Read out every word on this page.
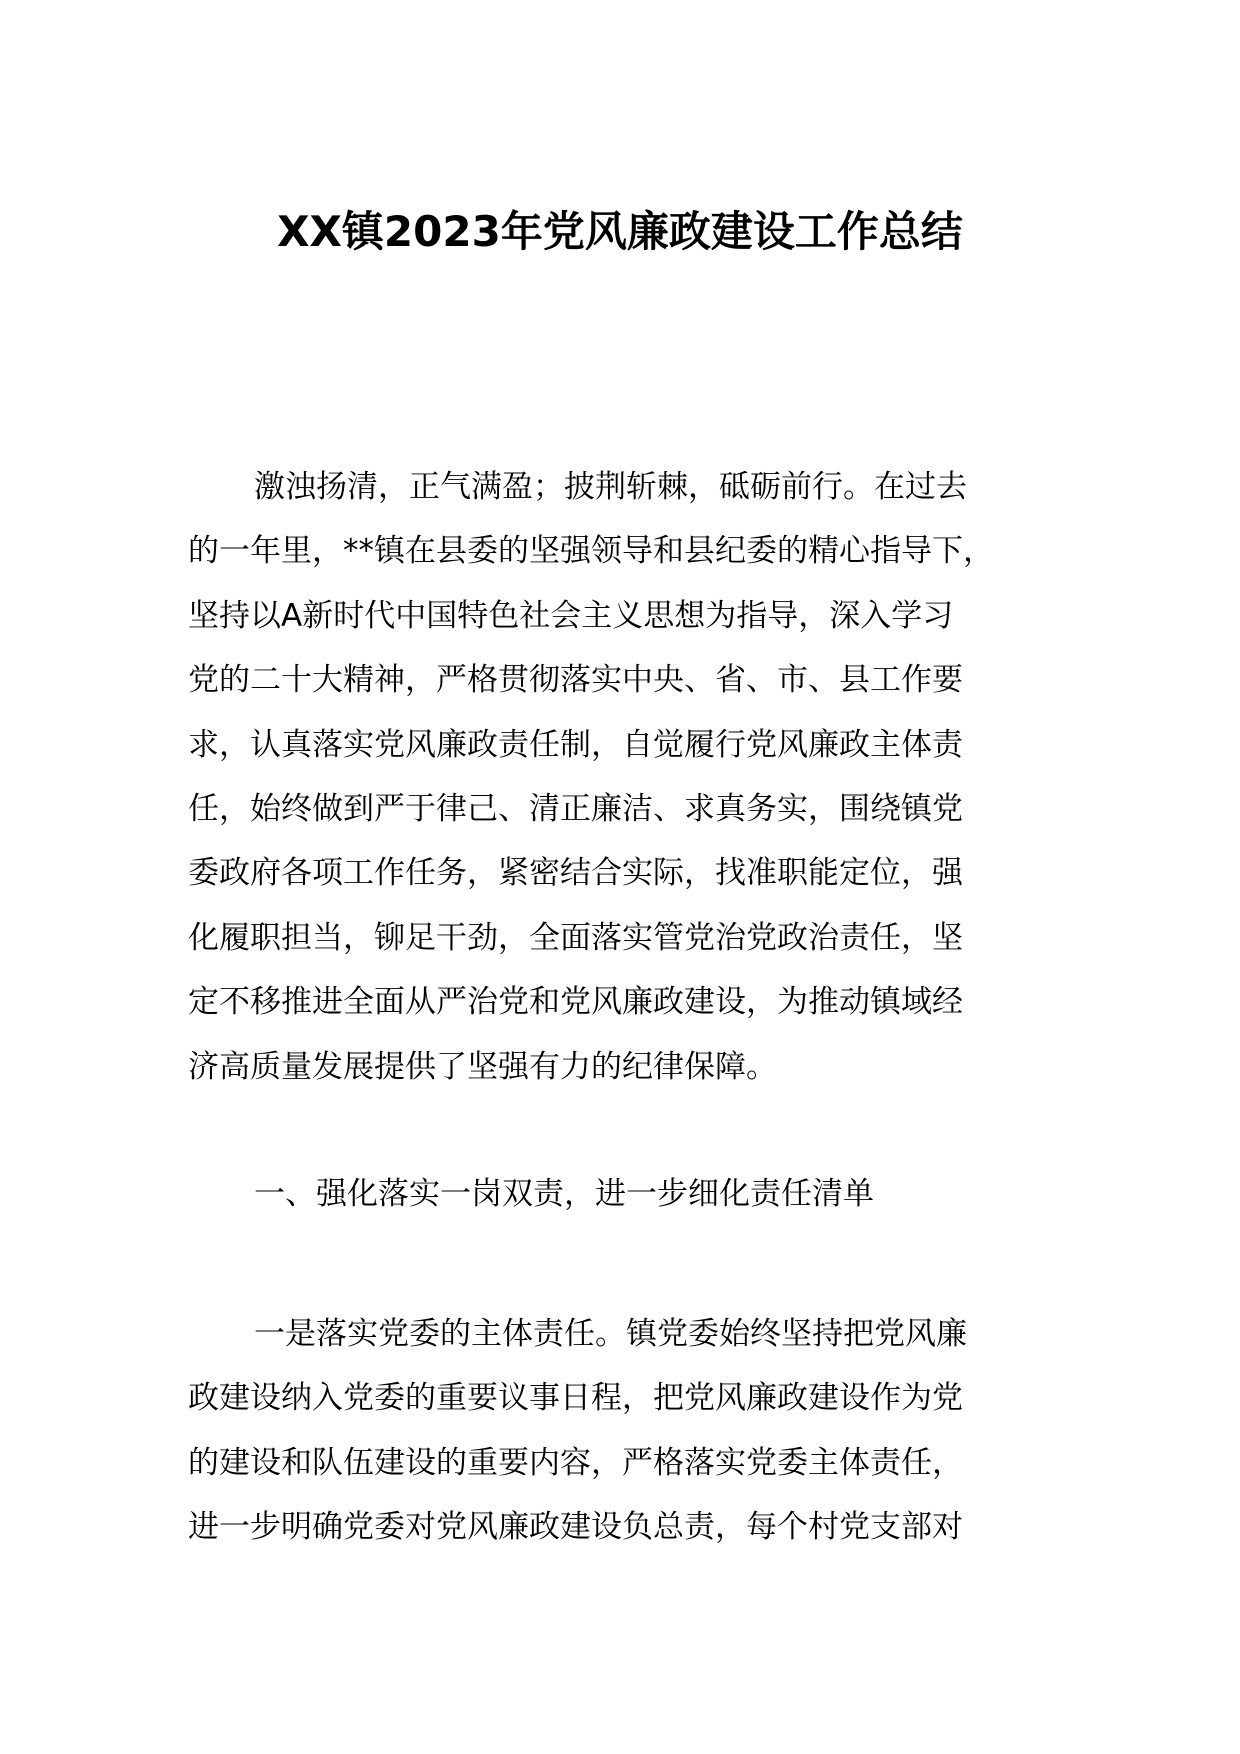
XX镇2023年党风廉政建设工作总结
激浊扬清，正气满盈；披荆斩棘，砥砺前行。在过去
的一年里，**镇在县委的坚强领导和县纪委的精心指导下，
坚持以A新时代中国特色社会主义思想为指导，深入学习
党的二十大精神，严格贯彻落实中央、省、市、县工作要
求，认真落实党风廉政责任制，自觉履行党风廉政主体责
任，始终做到严于律己、清正廉洁、求真务实，围绕镇党
委政府各项工作任务，紧密结合实际，找准职能定位，强
化履职担当，铆足干劲，全面落实管党治党政治责任，坚
定不移推进全面从严治党和党风廉政建设，为推动镇域经
济高质量发展提供了坚强有力的纪律保障。
一、强化落实一岗双责，进一步细化责任清单
一是落实党委的主体责任。镇党委始终坚持把党风廉
政建设纳入党委的重要议事日程，把党风廉政建设作为党
的建设和队伍建设的重要内容，严格落实党委主体责任，
进一步明确党委对党风廉政建设负总责，每个村党支部对
